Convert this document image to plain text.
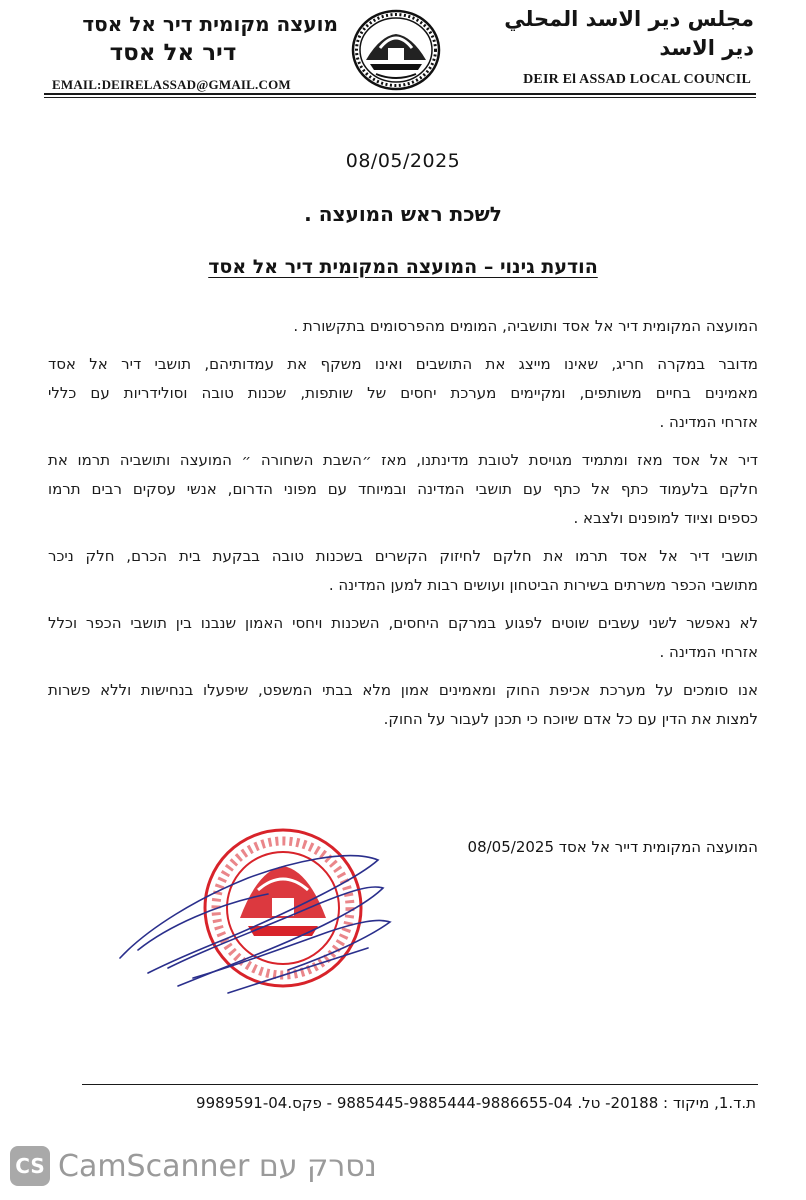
مجلس دير الاسد المحلي
دير الاسد
מועצה מקומית דיר אל אסד
דיר אל אסד
EMAIL:DEIRELASSAD@GMAIL.COM	DEIR El ASSAD LOCAL COUNCIL
08/05/2025
לשכת ראש המועצה .
הודעת גינוי – המועצה המקומית דיר אל אסד
המועצה המקומית דיר אל אסד ותושביה, המומים מהפרסומים בתקשורת .
מדובר במקרה חריג, שאינו מייצג את התושבים ואינו משקף את עמדותיהם, תושבי דיר אל אסד
מאמינים בחיים משותפים, ומקיימים מערכת יחסים של שותפות, שכנות טובה וסולידריות עם כללי
אזרחי המדינה .
דיר אל אסד מאז ומתמיד מגויסת לטובת מדינתנו, מאז ״השבת השחורה ״ המועצה ותושביה תרמו את
חלקם בלעמוד כתף אל כתף עם תושבי המדינה ובמיוחד עם מפוני הדרום, אנשי עסקים רבים תרמו
כספים וציוד למופנים ולצבא .
תושבי דיר אל אסד תרמו את חלקם לחיזוק הקשרים בשכנות טובה בבקעת בית הכרם, חלק ניכר
מתושבי הכפר משרתים בשירות הביטחון ועושים רבות למען המדינה .
לא נאפשר לשני עשבים שוטים לפגוע במרקם היחסים, השכנות ויחסי האמון שנבנו בין תושבי הכפר וכלל
אזרחי המדינה .
אנו סומכים על מערכת אכיפת החוק ומאמינים אמון מלא בבתי המשפט, שיפעלו בנחישות וללא פשרות
למצות את הדין עם כל אדם שיוכח כי תכנן לעבור על החוק.
המועצה המקומית דייר אל אסד 08/05/2025
ת.ד.1, מיקוד : 20188- טל. 9885445-9885444-9886655-04 - פקס.9989591-04
CS נסרק עם CamScanner
